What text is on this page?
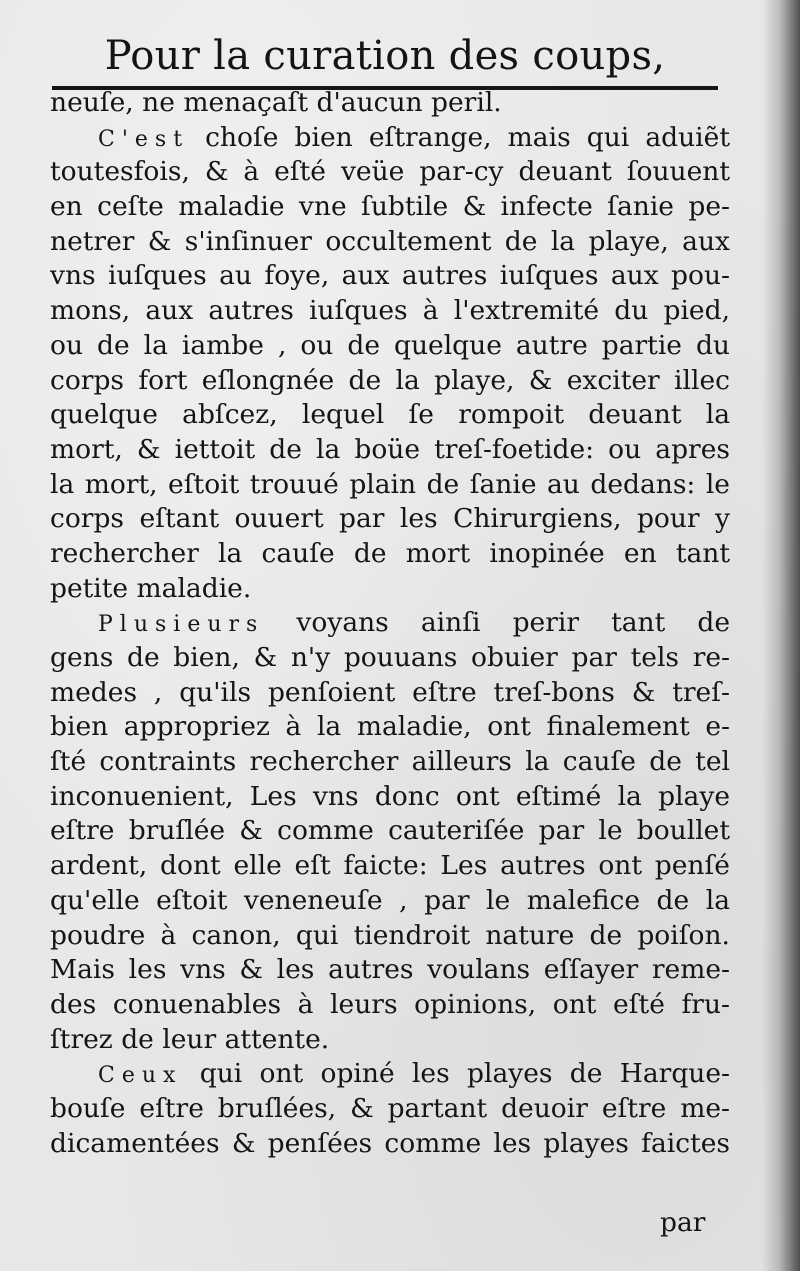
Pour la curation des coups,
neuſe, ne menaçaſt d'aucun peril.
C'est choſe bien eſtrange, mais qui aduiẽt
toutesfois, & à eſté veüe par-cy deuant ſouuent
en ceſte maladie vne ſubtile & infecte ſanie pe-
netrer & s'inſinuer occultement de la playe, aux
vns iuſques au foye, aux autres iuſques aux pou-
mons, aux autres iuſques à l'extremité du pied,
ou de la iambe , ou de quelque autre partie du
corps fort eſlongnée de la playe, & exciter illec
quelque abſcez, lequel ſe rompoit deuant la
mort, & iettoit de la boüe treſ-foetide: ou apres
la mort, eſtoit trouué plain de ſanie au dedans: le
corps eſtant ouuert par les Chirurgiens, pour y
rechercher la cauſe de mort inopinée en tant
petite maladie.
Plusieurs voyans ainſi perir tant de
gens de bien, & n'y pouuans obuier par tels re-
medes , qu'ils penſoient eſtre treſ-bons & treſ-
bien appropriez à la maladie, ont finalement e-
ſté contraints rechercher ailleurs la cauſe de tel
inconuenient, Les vns donc ont eſtimé la playe
eſtre bruſlée & comme cauteriſée par le boullet
ardent, dont elle eſt faicte: Les autres ont penſé
qu'elle eſtoit veneneuſe , par le malefice de la
poudre à canon, qui tiendroit nature de poiſon.
Mais les vns & les autres voulans eſſayer reme-
des conuenables à leurs opinions, ont eſté fru-
ſtrez de leur attente.
Ceux qui ont opiné les playes de Harque-
bouſe eſtre bruſlées, & partant deuoir eſtre me-
dicamentées & penſées comme les playes faictes
par
